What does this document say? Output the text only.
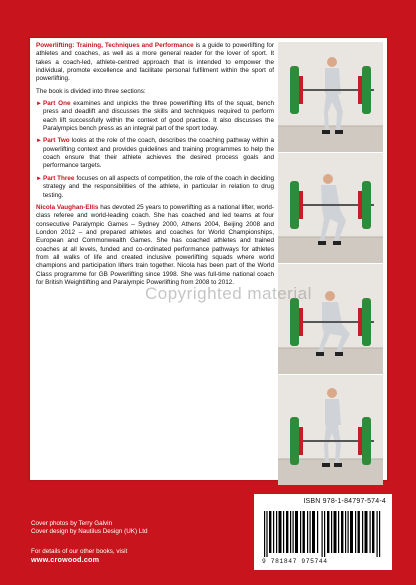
Powerlifting: Training, Techniques and Performance is a guide to powerlifting for athletes and coaches, as well as a more general reader for the lover of sport. It takes a coach-led, athlete-centred approach that is intended to empower the individual, promote excellence and facilitate personal fulfilment within the sport of powerlifting.

The book is divided into three sections:

► Part One examines and unpicks the three powerlifting lifts of the squat, bench press and deadlift and discusses the skills and techniques required to perform each lift successfully within the context of good practice. It also discusses the Paralympics bench press as an integral part of the sport today.
► Part Two looks at the role of the coach, describes the coaching pathway within a powerlifting context and provides guidelines and training programmes to help the coach ensure that their athlete achieves the desired process goals and performance targets.
► Part Three focuses on all aspects of competition, the role of the coach in deciding strategy and the responsibilities of the athlete, in particular in relation to drug testing.

Nicola Vaughan-Ellis has devoted 25 years to powerlifting as a national lifter, world-class referee and world-leading coach. She has coached and led teams at four consecutive Paralympic Games – Sydney 2000, Athens 2004, Beijing 2008 and London 2012 – and prepared athletes and coaches for World Championships, European and Commonwealth Games. She has coached athletes and trained coaches at all levels, funded and co-ordinated performance pathways for athletes from all walks of life and created inclusive powerlifting squads where world champions and participation lifters train together. Nicola has been part of the World Class programme for GB Powerlifting since 1998. She was full-time national coach for British Weightlifting and Paralympic Powerlifting from 2008 to 2012.

Copyrighted material
ISBN 978-1-84797-574-4
9 781847 975744
Cover photos by Terry Galvin
Cover design by Nautilus Design (UK) Ltd
For details of our other books, visit
www.crowood.com
